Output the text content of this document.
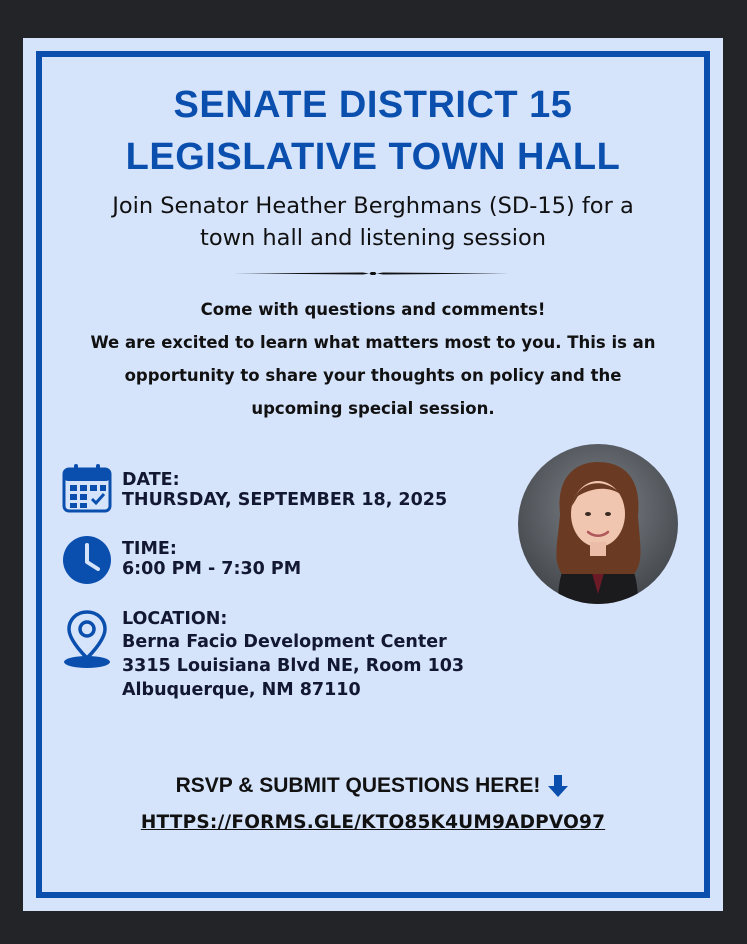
SENATE DISTRICT 15
LEGISLATIVE TOWN HALL
Join Senator Heather Berghmans (SD-15) for a
town hall and listening session
Come with questions and comments!
We are excited to learn what matters most to you. This is an
opportunity to share your thoughts on policy and the
upcoming special session.
DATE:
THURSDAY, SEPTEMBER 18, 2025
TIME:
6:00 PM - 7:30 PM
LOCATION:
Berna Facio Development Center
3315 Louisiana Blvd NE, Room 103
Albuquerque, NM 87110
RSVP & SUBMIT QUESTIONS HERE!
HTTPS://FORMS.GLE/KTO85K4UM9ADPVO97
